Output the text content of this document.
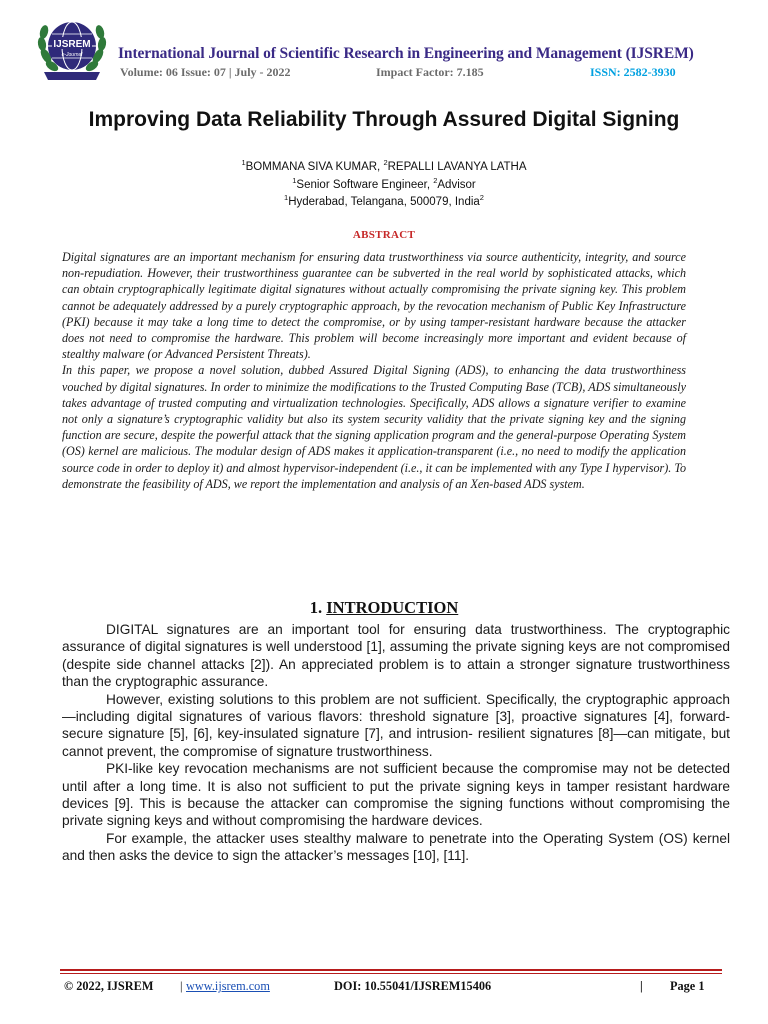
IJSREM
e-Journal International Journal of Scientific Research in Engineering and Management (IJSREM)
Volume: 06 Issue: 07 | July - 2022	Impact Factor: 7.185	ISSN: 2582-3930
Improving Data Reliability Through Assured Digital Signing
$^1$BOMMANA SIVA KUMAR, $^2$REPALLI LAVANYA LATHA
$^1$Senior Software Engineer, $^2$Advisor
$^1$Hyderabad, Telangana, 500079, India$^2$
ABSTRACT

Digital signatures are an important mechanism for ensuring data trustworthiness via source authenticity, integrity, and source non-repudiation. However, their trustworthiness guarantee can be subverted in the real world by sophisticated attacks, which can obtain cryptographically legitimate digital signatures without actually compromising the private signing key. This problem cannot be adequately addressed by a purely cryptographic approach, by the revocation mechanism of Public Key Infrastructure (PKI) because it may take a long time to detect the compromise, or by using tamper-resistant hardware because the attacker does not need to compromise the hardware. This problem will become increasingly more important and evident because of stealthy malware (or Advanced Persistent Threats).

In this paper, we propose a novel solution, dubbed Assured Digital Signing (ADS), to enhancing the data trustworthiness vouched by digital signatures. In order to minimize the modifications to the Trusted Computing Base (TCB), ADS simultaneously takes advantage of trusted computing and virtualization technologies. Specifically, ADS allows a signature verifier to examine not only a signature’s cryptographic validity but also its system security validity that the private signing key and the signing function are secure, despite the powerful attack that the signing application program and the general-purpose Operating System (OS) kernel are malicious. The modular design of ADS makes it application-transparent (i.e., no need to modify the application source code in order to deploy it) and almost hypervisor-independent (i.e., it can be implemented with any Type I hypervisor). To demonstrate the feasibility of ADS, we report the implementation and analysis of an Xen-based ADS system.

1. INTRODUCTION

DIGITAL signatures are an important tool for ensuring data trustworthiness. The cryptographic assurance of digital signatures is well understood [1], assuming the private signing keys are not compromised (despite side channel attacks [2]). An appreciated problem is to attain a stronger signature trustworthiness than the cryptographic assurance.

However, existing solutions to this problem are not sufficient. Specifically, the cryptographic approach—including digital signatures of various flavors: threshold signature [3], proactive signatures [4], forward-secure signature [5], [6], key-insulated signature [7], and intrusion- resilient signatures [8]—can mitigate, but cannot prevent, the compromise of signature trustworthiness.

PKI-like key revocation mechanisms are not sufficient because the compromise may not be detected until after a long time. It is also not sufficient to put the private signing keys in tamper resistant hardware devices [9]. This is because the attacker can compromise the signing functions without compromising the private signing keys and without compromising the hardware devices.

For example, the attacker uses stealthy malware to penetrate into the Operating System (OS) kernel and then asks the device to sign the attacker’s messages [10], [11].

© 2022, IJSREM | www.ijsrem.com	DOI: 10.55041/IJSREM15406	| Page 1
